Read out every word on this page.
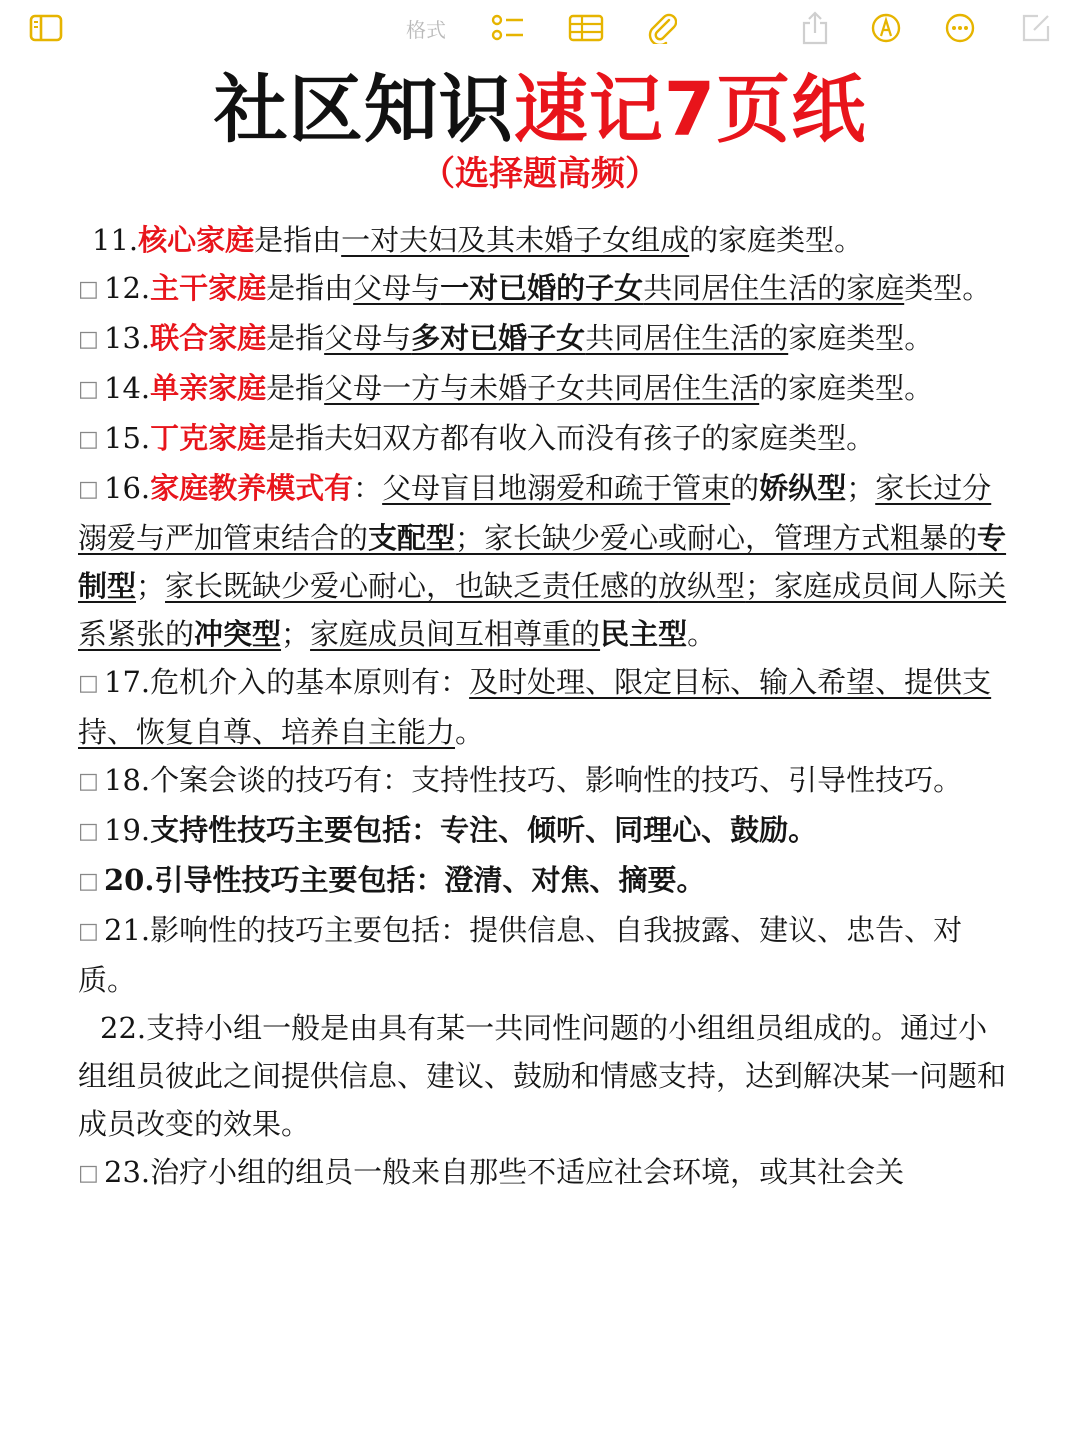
格式
社区知识速记7页纸
（选择题高频）

11.核心家庭是指由一对夫妇及其未婚子女组成的家庭类型。

□ 12.主干家庭是指由父母与一对已婚的子女共同居住生活的家庭类型。

□ 13.联合家庭是指父母与多对已婚子女共同居住生活的家庭类型。

□ 14.单亲家庭是指父母一方与未婚子女共同居住生活的家庭类型。

□ 15.丁克家庭是指夫妇双方都有收入而没有孩子的家庭类型。

□ 16.家庭教养模式有：父母盲目地溺爱和疏于管束的娇纵型；家长过分溺爱与严加管束结合的支配型；家长缺少爱心或耐心，管理方式粗暴的专制型；家长既缺少爱心耐心，也缺乏责任感的放纵型；家庭成员间人际关系紧张的冲突型；家庭成员间互相尊重的民主型。

□ 17.危机介入的基本原则有：及时处理、限定目标、输入希望、提供支持、恢复自尊、培养自主能力。

□ 18.个案会谈的技巧有：支持性技巧、影响性的技巧、引导性技巧。

□ 19.支持性技巧主要包括：专注、倾听、同理心、鼓励。

□ 20.引导性技巧主要包括：澄清、对焦、摘要。

□ 21.影响性的技巧主要包括：提供信息、自我披露、建议、忠告、对质。

22.支持小组一般是由具有某一共同性问题的小组组员组成的。通过小组组员彼此之间提供信息、建议、鼓励和情感支持，达到解决某一问题和成员改变的效果。

□ 23.治疗小组的组员一般来自那些不适应社会环境，或其社会关
